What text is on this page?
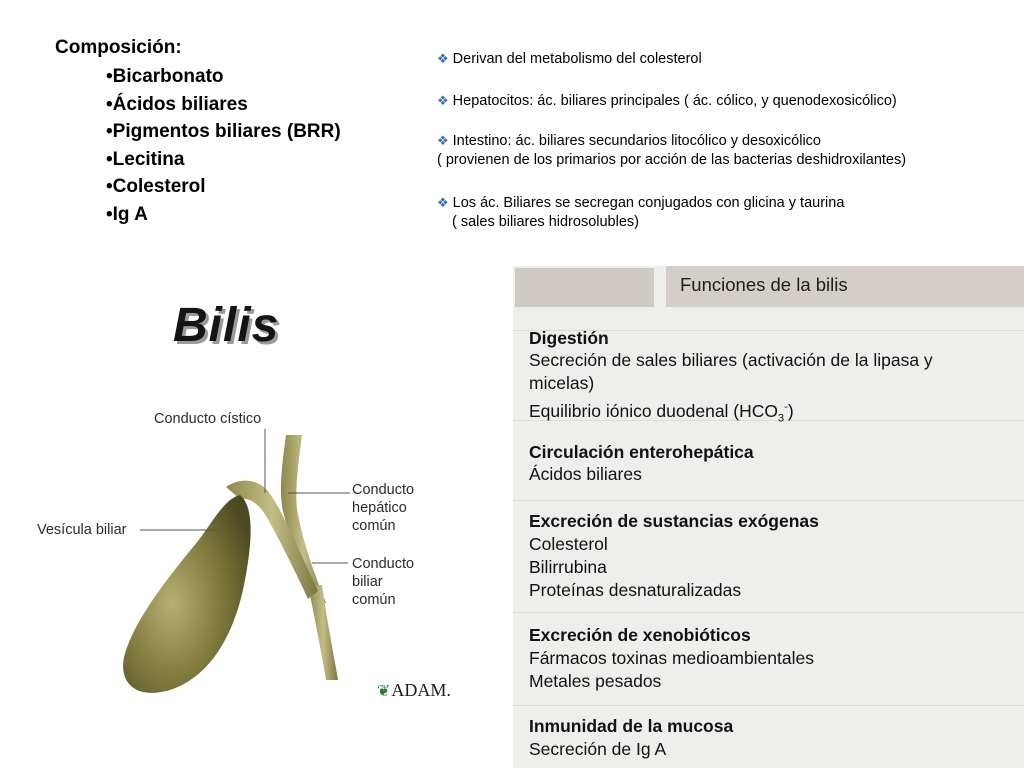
Composición:
•Bicarbonato
•Ácidos biliares
•Pigmentos biliares (BRR)
•Lecitina
•Colesterol
•Ig A
❖ Derivan del metabolismo del colesterol
❖ Hepatocitos: ác. biliares principales ( ác. cólico, y quenodexosicólico)
❖ Intestino: ác. biliares secundarios litocólico y desoxicólico
( provienen de los primarios por acción de las bacterias deshidroxilantes)
❖ Los ác. Biliares se secregan conjugados con glicina y taurina
( sales biliares hidrosolubles)
Bilis
Conducto cístico
Conducto
hepático
común
Vesícula biliar
Conducto
biliar
común
❦ADAM.
Funciones de la bilis
Digestión
Secreción de sales biliares (activación de la lipasa y
micelas)
Equilibrio iónico duodenal $(HCO_3^-)$
Circulación enterohepática
Ácidos biliares
Excreción de sustancias exógenas
Colesterol
Bilirrubina
Proteínas desnaturalizadas
Excreción de xenobióticos
Fármacos toxinas medioambientales
Metales pesados
Inmunidad de la mucosa
Secreción de Ig A
